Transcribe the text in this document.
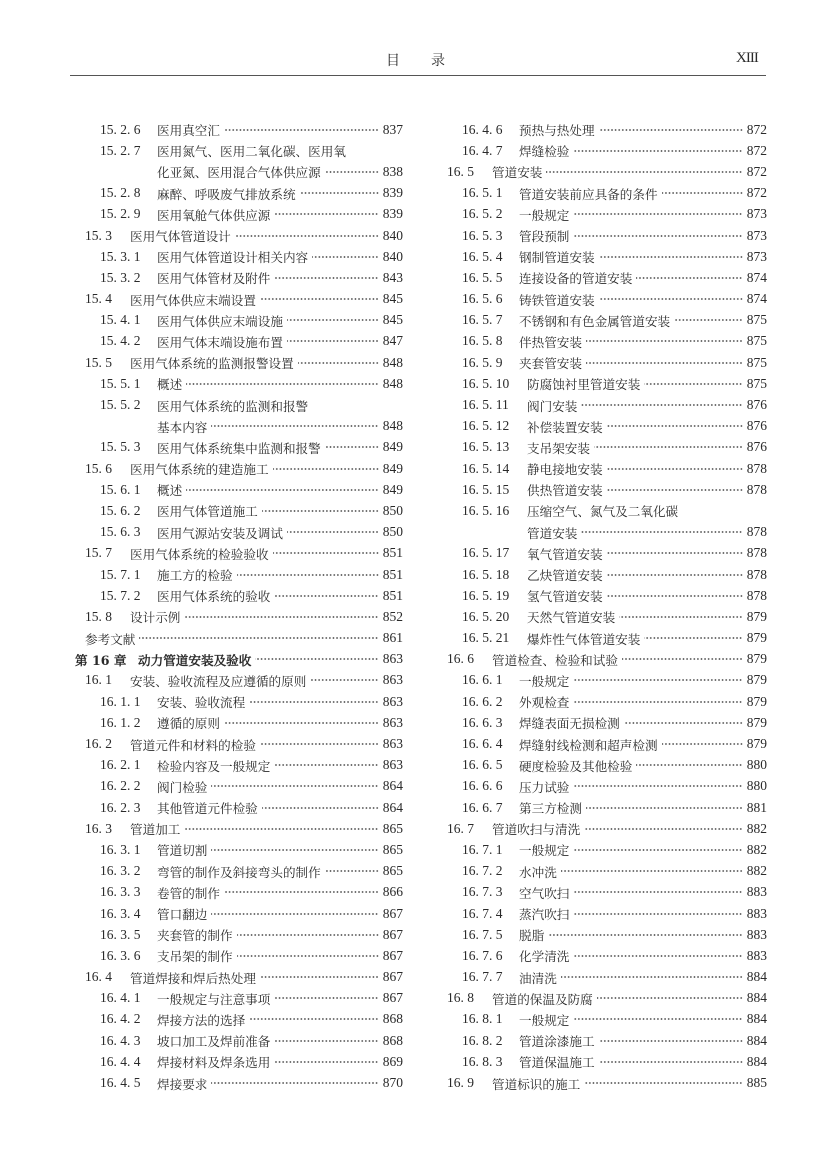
目 录	XIII
15. 2. 6	医用真空汇	837
15. 2. 7	医用氮气、医用二氧化碳、医用氧
化亚氮、医用混合气体供应源	838
15. 2. 8	麻醉、呼吸废气排放系统	839
15. 2. 9	医用氧舱气体供应源	839
15. 3	医用气体管道设计	840
15. 3. 1	医用气体管道设计相关内容	840
15. 3. 2	医用气体管材及附件	843
15. 4	医用气体供应末端设置	845
15. 4. 1	医用气体供应末端设施	845
15. 4. 2	医用气体末端设施布置	847
15. 5	医用气体系统的监测报警设置	848
15. 5. 1	概述	848
15. 5. 2	医用气体系统的监测和报警
基本内容	848
15. 5. 3	医用气体系统集中监测和报警	849
15. 6	医用气体系统的建造施工	849
15. 6. 1	概述	849
15. 6. 2	医用气体管道施工	850
15. 6. 3	医用气源站安装及调试	850
15. 7	医用气体系统的检验验收	851
15. 7. 1	施工方的检验	851
15. 7. 2	医用气体系统的验收	851
15. 8	设计示例	852
参考文献	861
第 16 章 动力管道安装及验收	863
16. 1	安装、验收流程及应遵循的原则	863
16. 1. 1	安装、验收流程	863
16. 1. 2	遵循的原则	863
16. 2	管道元件和材料的检验	863
16. 2. 1	检验内容及一般规定	863
16. 2. 2	阀门检验	864
16. 2. 3	其他管道元件检验	864
16. 3	管道加工	865
16. 3. 1	管道切割	865
16. 3. 2	弯管的制作及斜接弯头的制作	865
16. 3. 3	卷管的制作	866
16. 3. 4	管口翻边	867
16. 3. 5	夹套管的制作	867
16. 3. 6	支吊架的制作	867
16. 4	管道焊接和焊后热处理	867
16. 4. 1	一般规定与注意事项	867
16. 4. 2	焊接方法的选择	868
16. 4. 3	坡口加工及焊前准备	868
16. 4. 4	焊接材料及焊条选用	869
16. 4. 5	焊接要求	870
16. 4. 6	预热与热处理	872
16. 4. 7	焊缝检验	872
16. 5	管道安装	872
16. 5. 1	管道安装前应具备的条件	872
16. 5. 2	一般规定	873
16. 5. 3	管段预制	873
16. 5. 4	钢制管道安装	873
16. 5. 5	连接设备的管道安装	874
16. 5. 6	铸铁管道安装	874
16. 5. 7	不锈钢和有色金属管道安装	875
16. 5. 8	伴热管安装	875
16. 5. 9	夹套管安装	875
16. 5. 10	防腐蚀衬里管道安装	875
16. 5. 11	阀门安装	876
16. 5. 12	补偿装置安装	876
16. 5. 13	支吊架安装	876
16. 5. 14	静电接地安装	878
16. 5. 15	供热管道安装	878
16. 5. 16	压缩空气、氮气及二氧化碳
管道安装	878
16. 5. 17	氧气管道安装	878
16. 5. 18	乙炔管道安装	878
16. 5. 19	氢气管道安装	878
16. 5. 20	天然气管道安装	879
16. 5. 21	爆炸性气体管道安装	879
16. 6	管道检查、检验和试验	879
16. 6. 1	一般规定	879
16. 6. 2	外观检查	879
16. 6. 3	焊缝表面无损检测	879
16. 6. 4	焊缝射线检测和超声检测	879
16. 6. 5	硬度检验及其他检验	880
16. 6. 6	压力试验	880
16. 6. 7	第三方检测	881
16. 7	管道吹扫与清洗	882
16. 7. 1	一般规定	882
16. 7. 2	水冲洗	882
16. 7. 3	空气吹扫	883
16. 7. 4	蒸汽吹扫	883
16. 7. 5	脱脂	883
16. 7. 6	化学清洗	883
16. 7. 7	油清洗	884
16. 8	管道的保温及防腐	884
16. 8. 1	一般规定	884
16. 8. 2	管道涂漆施工	884
16. 8. 3	管道保温施工	884
16. 9	管道标识的施工	885
